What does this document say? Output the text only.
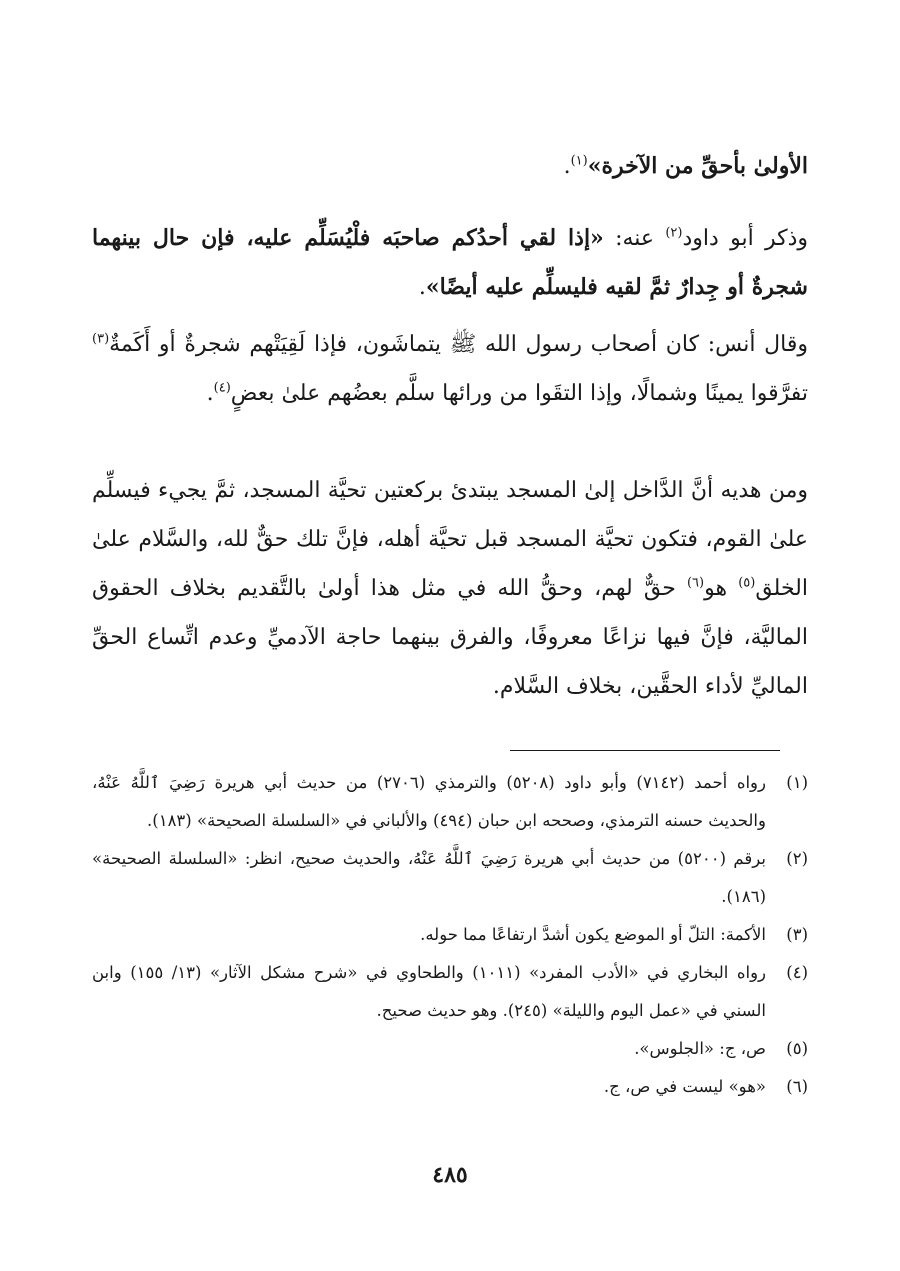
الأولىٰ بأحقِّ من الآخرة»$^{(١)}$.

وذكر أبو داود$^{(٢)}$ عنه: «إذا لقي أحدُكم صاحبَه فلْيُسَلِّم عليه، فإن حال بينهما شجرةٌ أو جِدارٌ ثمَّ لقيه فليسلِّم عليه أيضًا».

وقال أنس: كان أصحاب رسول الله ﷺ يتماشَون، فإذا لَقِيَتْهم شجرةٌ أو أَكَمةٌ$^{(٣)}$ تفرَّقوا يمينًا وشمالًا، وإذا التقَوا من ورائها سلَّم بعضُهم علىٰ بعضٍ$^{(٤)}$.

ومن هديه أنَّ الدَّاخل إلىٰ المسجد يبتدئ بركعتين تحيَّة المسجد، ثمَّ يجيء فيسلِّم علىٰ القوم، فتكون تحيَّة المسجد قبل تحيَّة أهله، فإنَّ تلك حقٌّ لله، والسَّلام علىٰ الخلق$^{(٥)}$ هو$^{(٦)}$ حقٌّ لهم، وحقُّ الله في مثل هذا أولىٰ بالتَّقديم بخلاف الحقوق الماليَّة، فإنَّ فيها نزاعًا معروفًا، والفرق بينهما حاجة الآدميِّ وعدم اتِّساع الحقِّ الماليِّ لأداء الحقَّين، بخلاف السَّلام.

(١)
رواه أحمد (٧١٤٢) وأبو داود (٥٢٠٨) والترمذي (٢٧٠٦) من حديث أبي هريرة رَضِيَ ٱللَّهُ عَنْهُ، والحديث حسنه الترمذي، وصححه ابن حبان (٤٩٤) والألباني في «السلسلة الصحيحة» (١٨٣).

(٢)
برقم (٥٢٠٠) من حديث أبي هريرة رَضِيَ ٱللَّهُ عَنْهُ، والحديث صحيح، انظر: «السلسلة الصحيحة» (١٨٦).

(٣)
الأكمة: التلّ أو الموضع يكون أشدَّ ارتفاعًا مما حوله.

(٤)
رواه البخاري في «الأدب المفرد» (١٠١١) والطحاوي في «شرح مشكل الآثار» (١٣/ ١٥٥) وابن السني في «عمل اليوم والليلة» (٢٤٥). وهو حديث صحيح.

(٥)
ص، ج: «الجلوس».

(٦)
«هو» ليست في ص، ج.

٤٨٥
